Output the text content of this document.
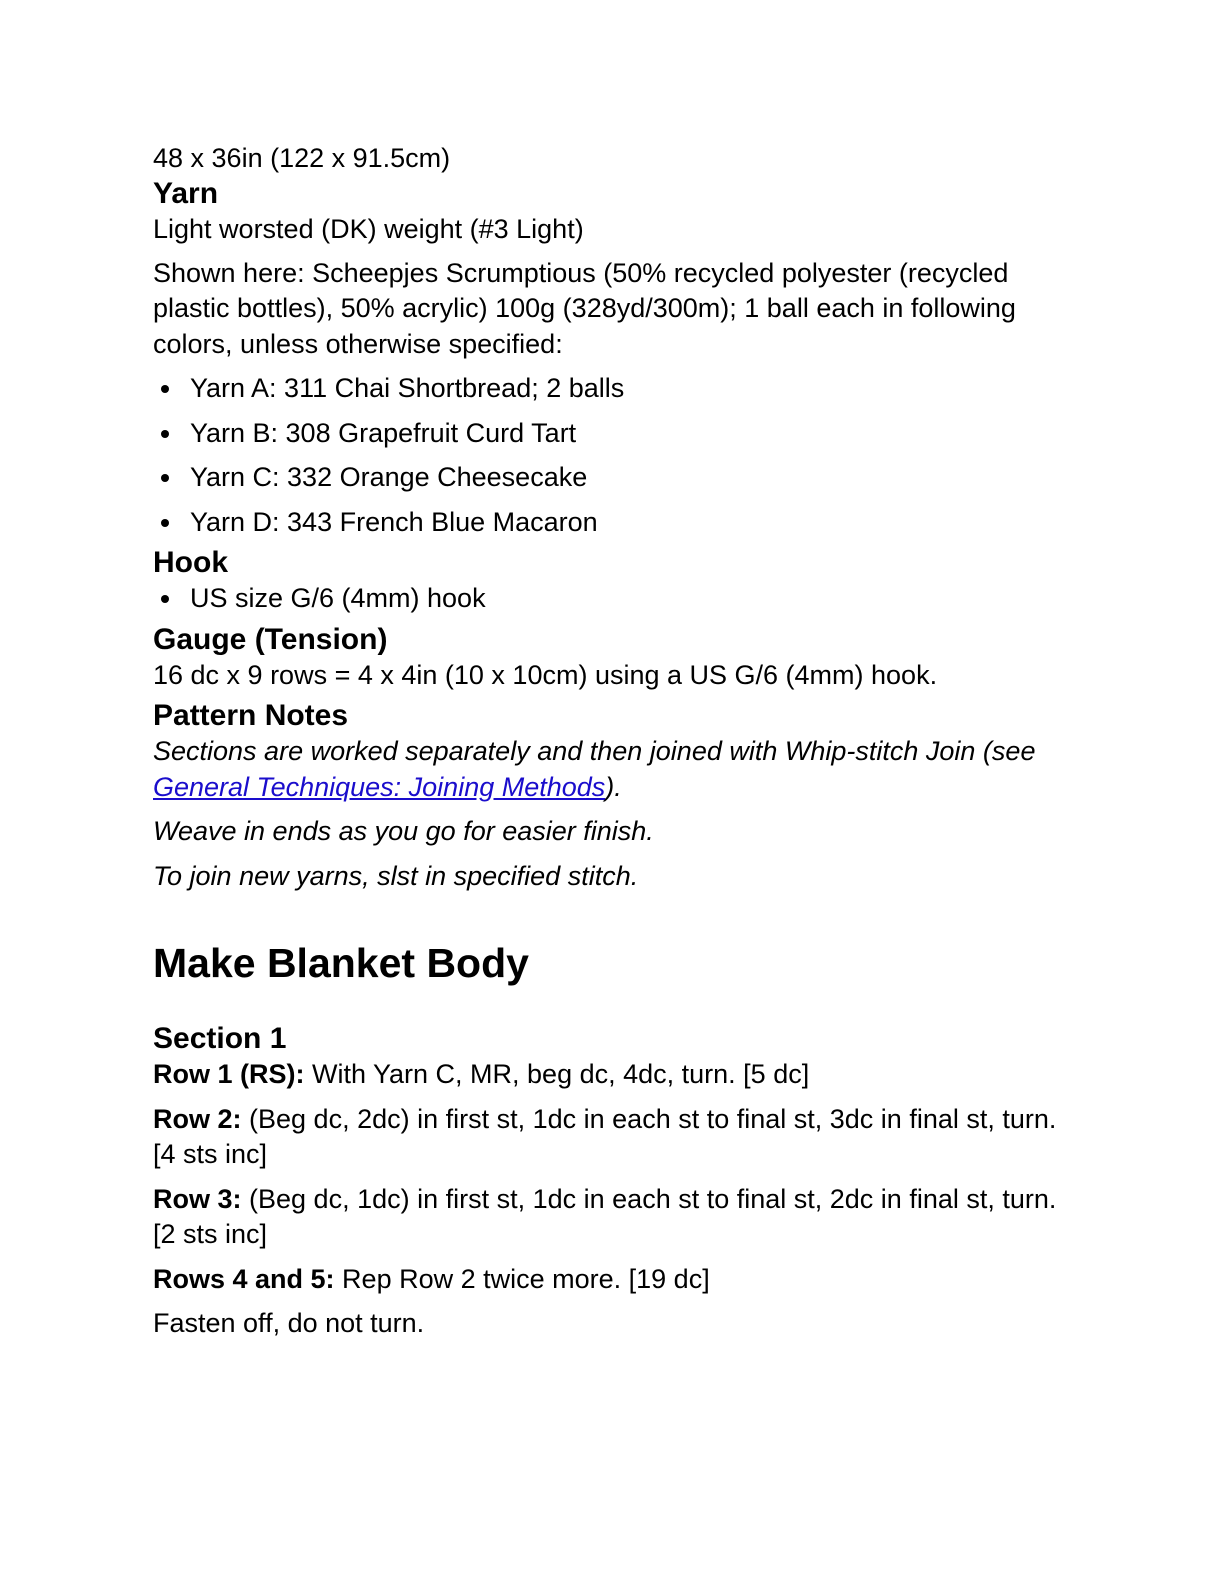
48 x 36in (122 x 91.5cm)

Yarn

Light worsted (DK) weight (#3 Light)

Shown here: Scheepjes Scrumptious (50% recycled polyester (recycled plastic bottles), 50% acrylic) 100g (328yd/300m); 1 ball each in following colors, unless otherwise specified:

Yarn A: 311 Chai Shortbread; 2 balls
Yarn B: 308 Grapefruit Curd Tart
Yarn C: 332 Orange Cheesecake
Yarn D: 343 French Blue Macaron
Hook
US size G/6 (4mm) hook
Gauge (Tension)

16 dc x 9 rows = 4 x 4in (10 x 10cm) using a US G/6 (4mm) hook.

Pattern Notes

Sections are worked separately and then joined with Whip-stitch Join (see General Techniques: Joining Methods).

Weave in ends as you go for easier finish.

To join new yarns, slst in specified stitch.

Make Blanket Body
Section 1

Row 1 (RS): With Yarn C, MR, beg dc, 4dc, turn. [5 dc]

Row 2: (Beg dc, 2dc) in first st, 1dc in each st to final st, 3dc in final st, turn. [4 sts inc]

Row 3: (Beg dc, 1dc) in first st, 1dc in each st to final st, 2dc in final st, turn. [2 sts inc]

Rows 4 and 5: Rep Row 2 twice more. [19 dc]

Fasten off, do not turn.
